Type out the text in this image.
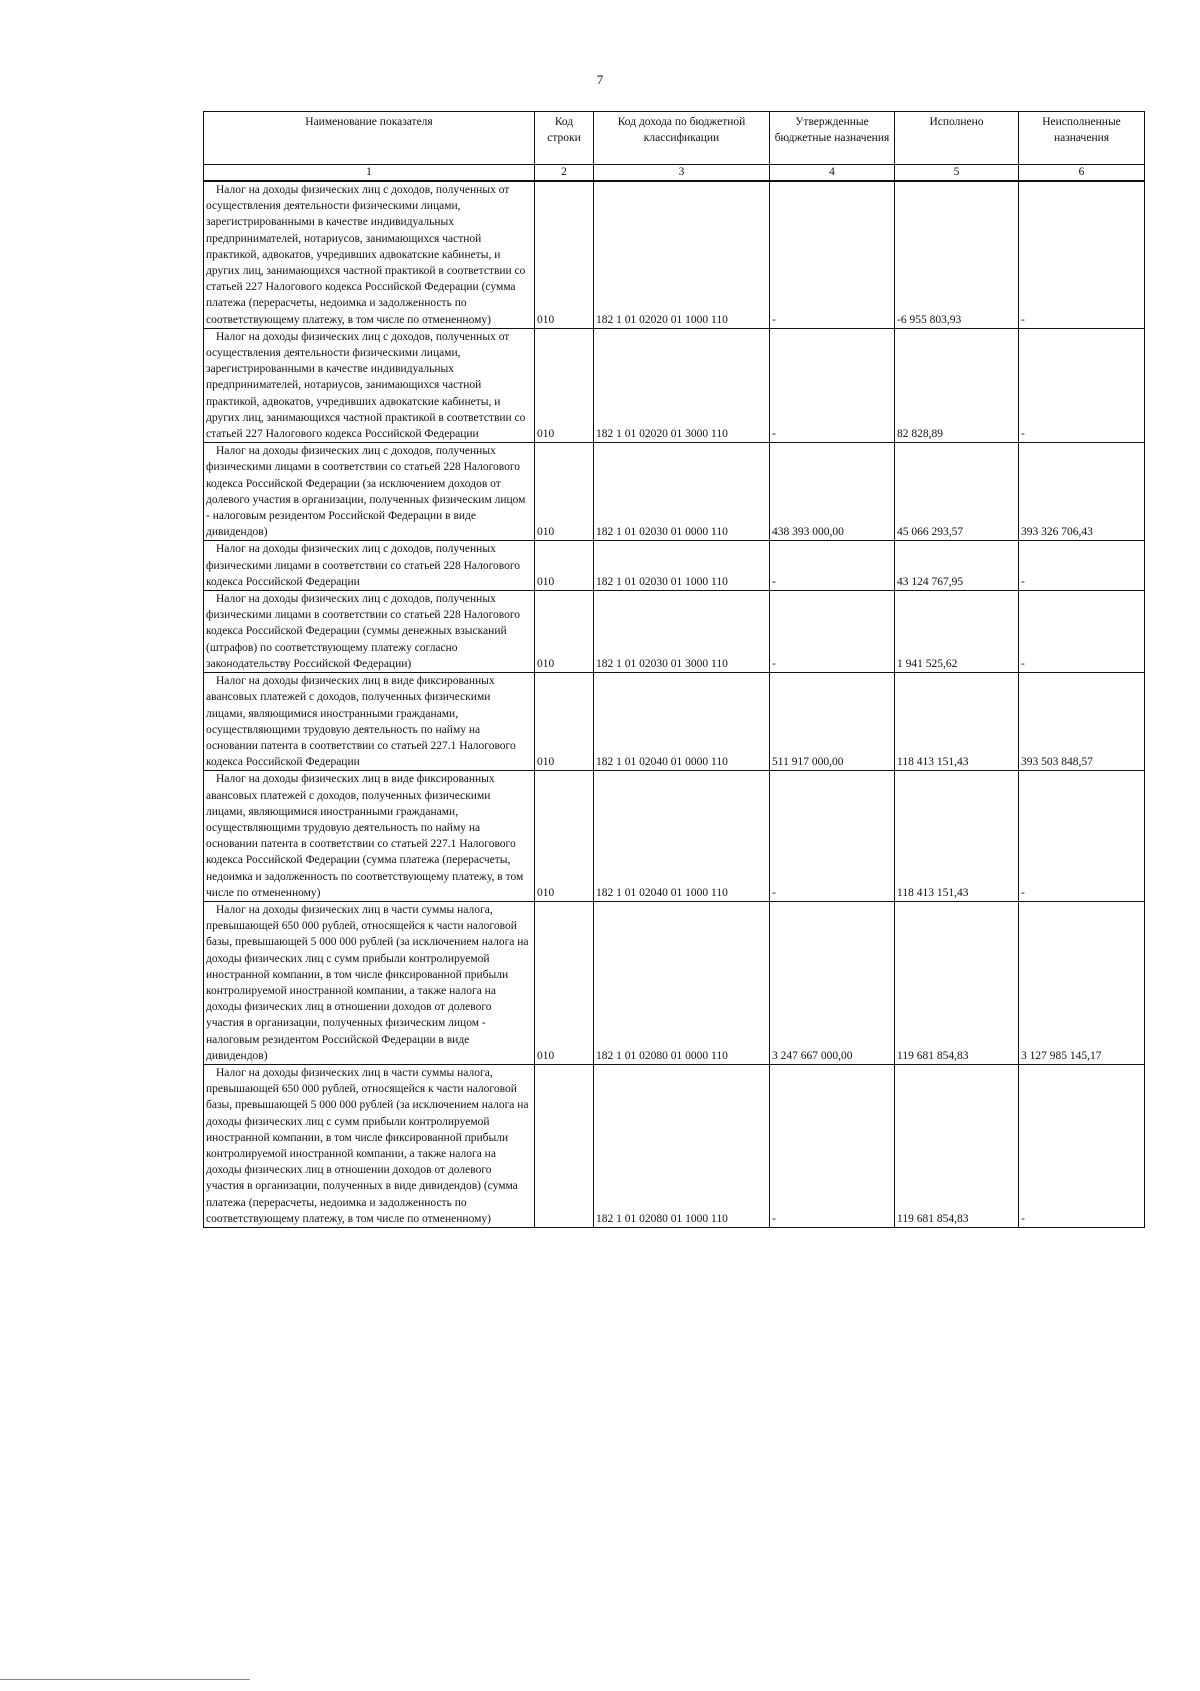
7
Наименование показателя	Код строки	Код дохода по бюджетной классификации	Утвержденные бюджетные назначения	Исполнено	Неисполненные назначения
1	2	3	4	5	6
Налог на доходы физических лиц с доходов, полученных от осуществления деятельности физическими лицами, зарегистрированными в качестве индивидуальных предпринимателей, нотариусов, занимающихся частной практикой, адвокатов, учредивших адвокатские кабинеты, и других лиц, занимающихся частной практикой в соответствии со статьей 227 Налогового кодекса Российской Федерации (сумма платежа (перерасчеты, недоимка и задолженность по соответствующему платежу, в том числе по отмененному)	010	182 1 01 02020 01 1000 110	-	-6 955 803,93	-
Налог на доходы физических лиц с доходов, полученных от осуществления деятельности физическими лицами, зарегистрированными в качестве индивидуальных предпринимателей, нотариусов, занимающихся частной практикой, адвокатов, учредивших адвокатские кабинеты, и других лиц, занимающихся частной практикой в соответствии со статьей 227 Налогового кодекса Российской Федерации	010	182 1 01 02020 01 3000 110	-	82 828,89	-
Налог на доходы физических лиц с доходов, полученных физическими лицами в соответствии со статьей 228 Налогового кодекса Российской Федерации (за исключением доходов от долевого участия в организации, полученных физическим лицом - налоговым резидентом Российской Федерации в виде дивидендов)	010	182 1 01 02030 01 0000 110	438 393 000,00	45 066 293,57	393 326 706,43
Налог на доходы физических лиц с доходов, полученных физическими лицами в соответствии со статьей 228 Налогового кодекса Российской Федерации	010	182 1 01 02030 01 1000 110	-	43 124 767,95	-
Налог на доходы физических лиц с доходов, полученных физическими лицами в соответствии со статьей 228 Налогового кодекса Российской Федерации (суммы денежных взысканий (штрафов) по соответствующему платежу согласно законодательству Российской Федерации)	010	182 1 01 02030 01 3000 110	-	1 941 525,62	-
Налог на доходы физических лиц в виде фиксированных авансовых платежей с доходов, полученных физическими лицами, являющимися иностранными гражданами, осуществляющими трудовую деятельность по найму на основании патента в соответствии со статьей 227.1 Налогового кодекса Российской Федерации	010	182 1 01 02040 01 0000 110	511 917 000,00	118 413 151,43	393 503 848,57
Налог на доходы физических лиц в виде фиксированных авансовых платежей с доходов, полученных физическими лицами, являющимися иностранными гражданами, осуществляющими трудовую деятельность по найму на основании патента в соответствии со статьей 227.1 Налогового кодекса Российской Федерации (сумма платежа (перерасчеты, недоимка и задолженность по соответствующему платежу, в том числе по отмененному)	010	182 1 01 02040 01 1000 110	-	118 413 151,43	-
Налог на доходы физических лиц в части суммы налога, превышающей 650 000 рублей, относящейся к части налоговой базы, превышающей 5 000 000 рублей (за исключением налога на доходы физических лиц с сумм прибыли контролируемой иностранной компании, в том числе фиксированной прибыли контролируемой иностранной компании, а также налога на доходы физических лиц в отношении доходов от долевого участия в организации, полученных физическим лицом - налоговым резидентом Российской Федерации в виде дивидендов)	010	182 1 01 02080 01 0000 110	3 247 667 000,00	119 681 854,83	3 127 985 145,17
Налог на доходы физических лиц в части суммы налога, превышающей 650 000 рублей, относящейся к части налоговой базы, превышающей 5 000 000 рублей (за исключением налога на доходы физических лиц с сумм прибыли контролируемой иностранной компании, в том числе фиксированной прибыли контролируемой иностранной компании, а также налога на доходы физических лиц в отношении доходов от долевого участия в организации, полученных в виде дивидендов) (сумма платежа (перерасчеты, недоимка и задолженность по соответствующему платежу, в том числе по отмененному)		182 1 01 02080 01 1000 110	-	119 681 854,83	-
